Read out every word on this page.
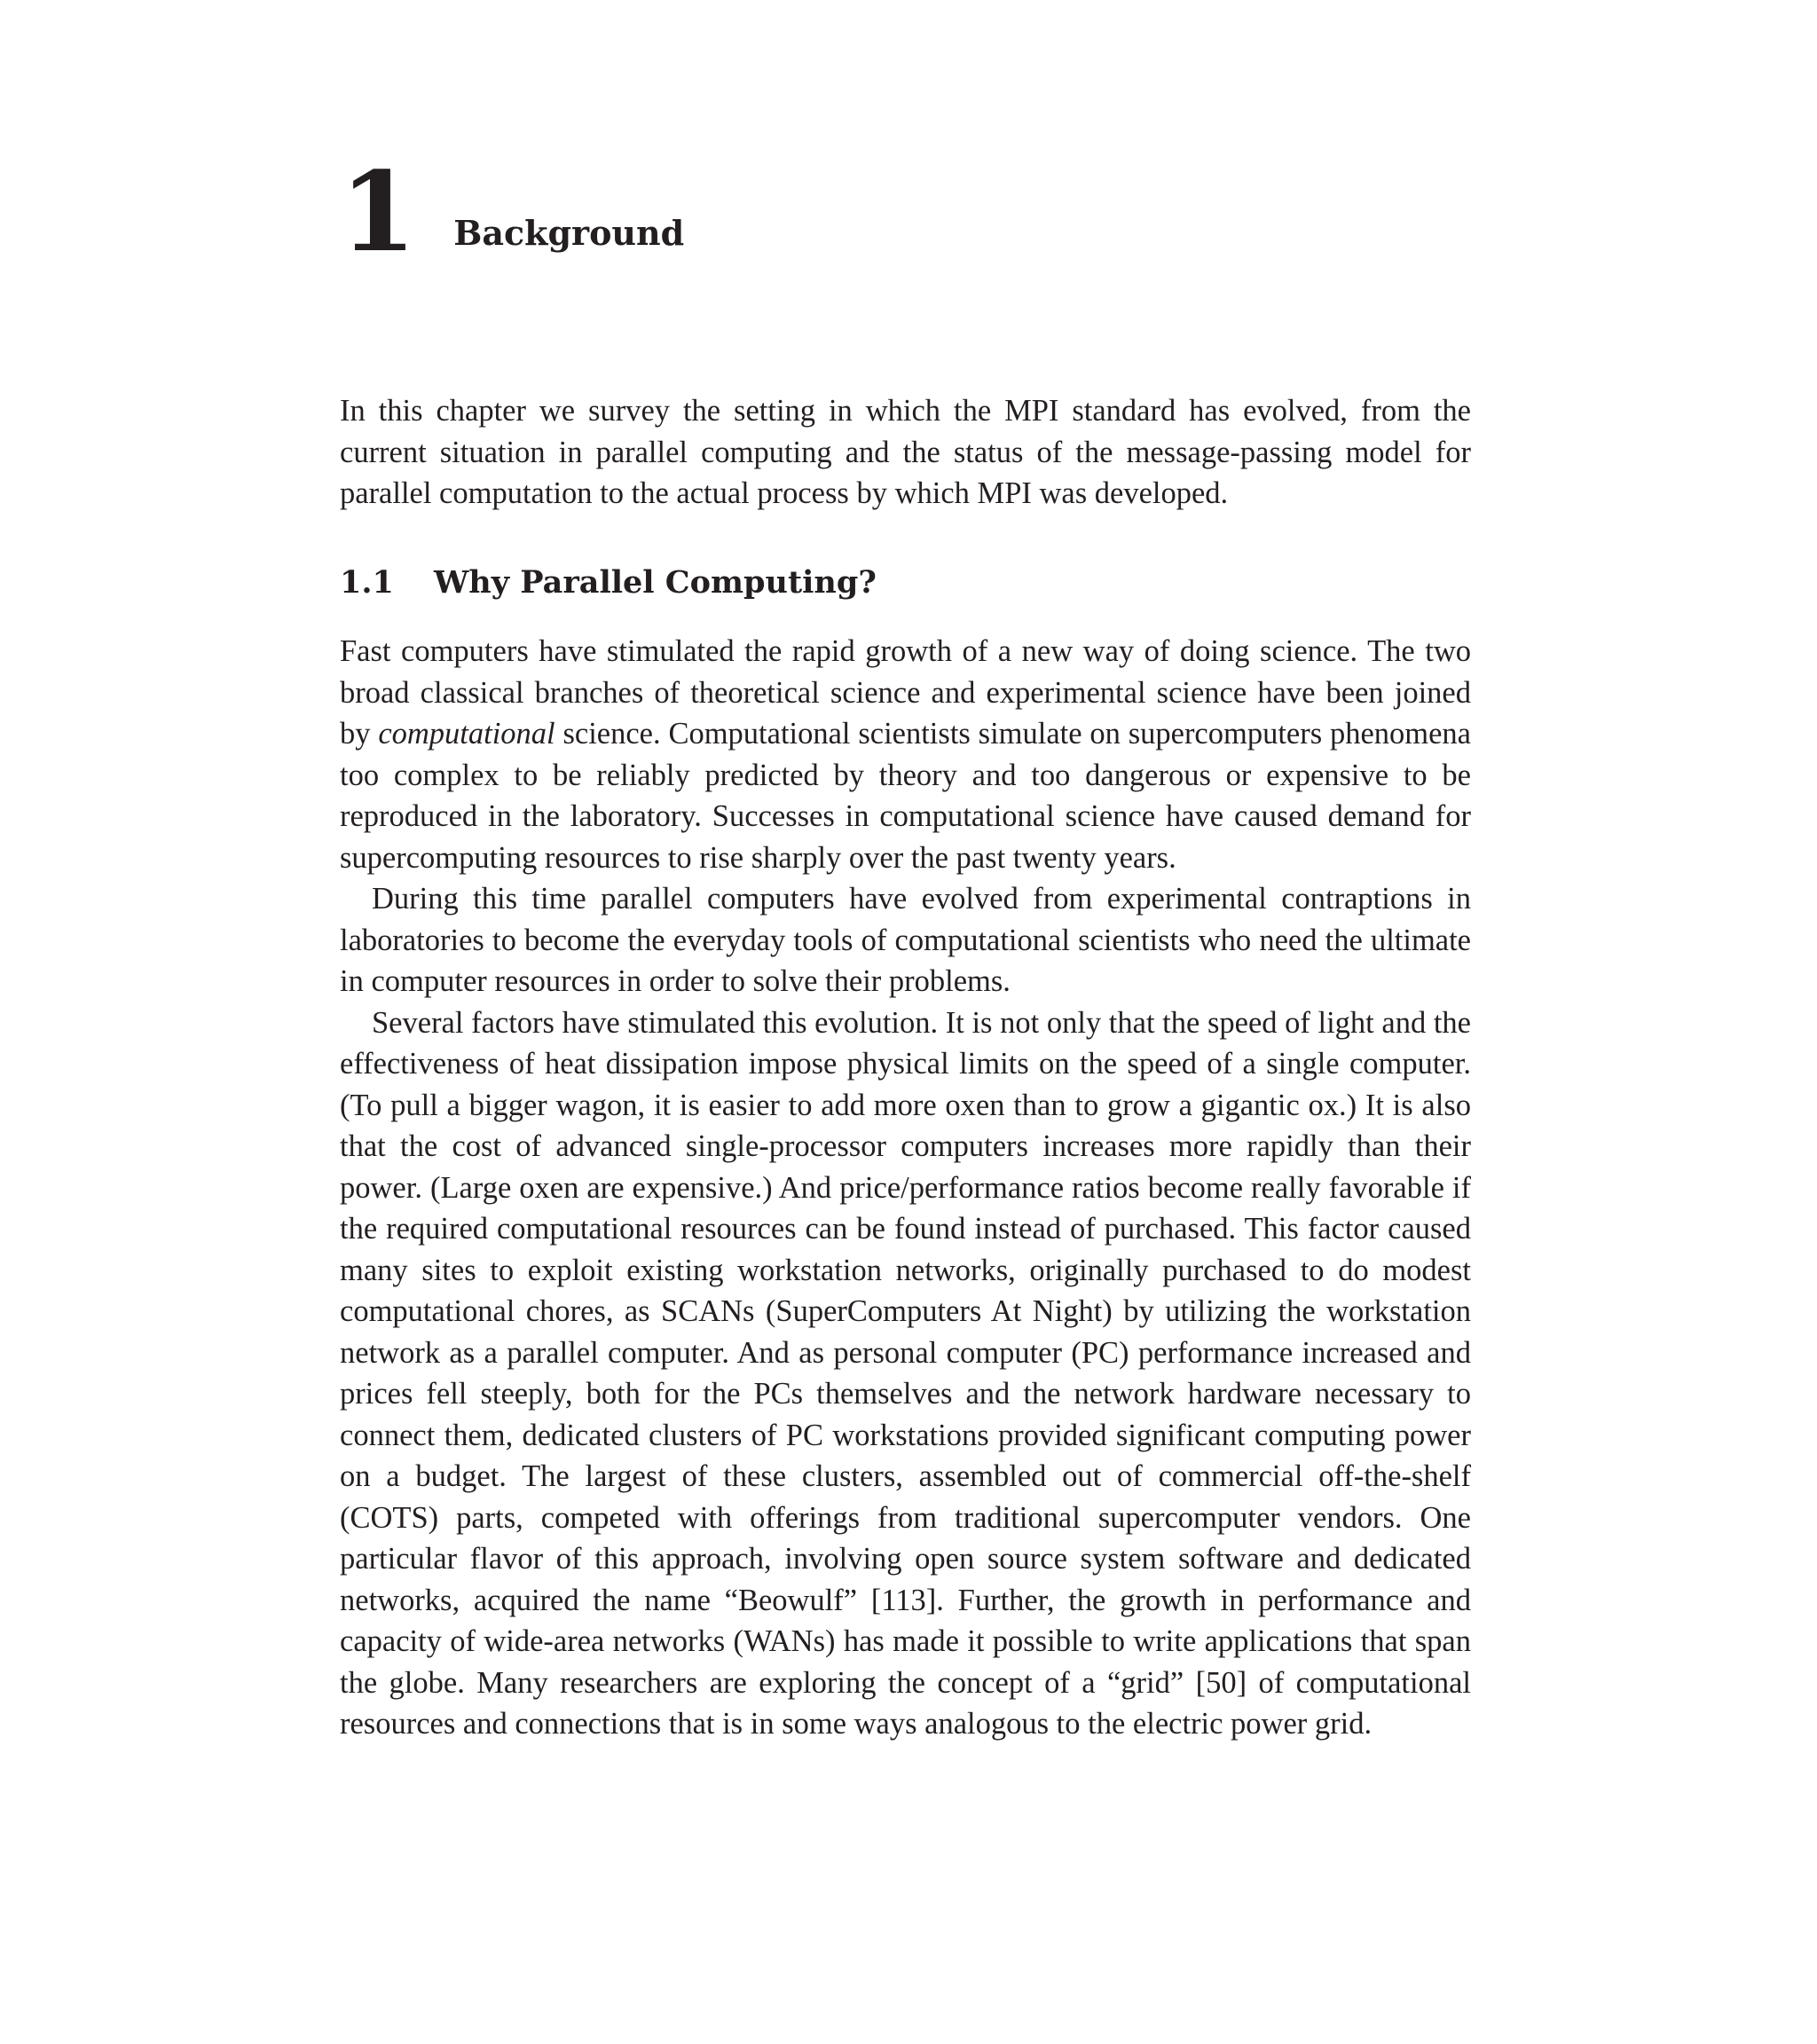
1 Background

In this chapter we survey the setting in which the MPI standard has evolved, from the current situation in parallel computing and the status of the message-passing model for parallel computation to the actual process by which MPI was developed.

1.1	Why Parallel Computing?

Fast computers have stimulated the rapid growth of a new way of doing science. The two broad classical branches of theoretical science and experimental science have been joined by computational science. Computational scientists simulate on supercomputers phenomena too complex to be reliably predicted by theory and too dangerous or expensive to be reproduced in the laboratory. Successes in computational science have caused demand for supercomputing resources to rise sharply over the past twenty years.

During this time parallel computers have evolved from experimental contraptions in laboratories to become the everyday tools of computational scientists who need the ultimate in computer resources in order to solve their problems.

Several factors have stimulated this evolution. It is not only that the speed of light and the effectiveness of heat dissipation impose physical limits on the speed of a single computer. (To pull a bigger wagon, it is easier to add more oxen than to grow a gigantic ox.) It is also that the cost of advanced single-processor computers increases more rapidly than their power. (Large oxen are expensive.) And price/performance ratios become really favorable if the required computational resources can be found instead of purchased. This factor caused many sites to exploit existing workstation networks, originally purchased to do modest computational chores, as SCANs (SuperComputers At Night) by utilizing the workstation network as a parallel computer. And as personal computer (PC) performance increased and prices fell steeply, both for the PCs themselves and the network hardware necessary to connect them, dedicated clusters of PC workstations provided significant computing power on a budget. The largest of these clusters, assembled out of commercial off-the-shelf (COTS) parts, competed with offerings from traditional supercomputer vendors. One particular flavor of this approach, involving open source system software and dedicated networks, acquired the name “Beowulf” [113]. Further, the growth in performance and capacity of wide-area networks (WANs) has made it possible to write applications that span the globe. Many researchers are exploring the concept of a “grid” [50] of computational resources and connections that is in some ways analogous to the electric power grid.
